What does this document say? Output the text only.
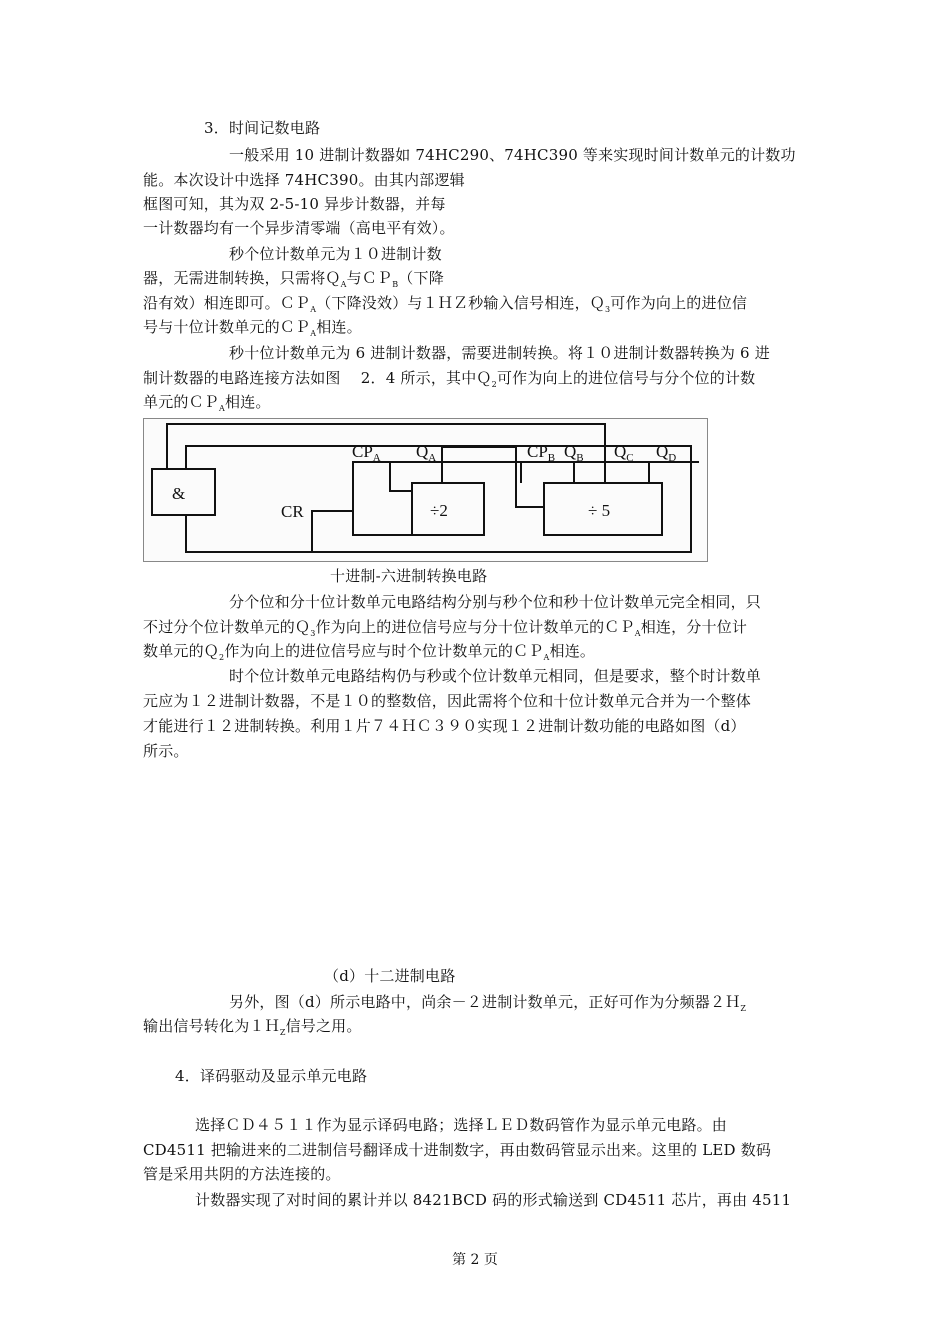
3．时间记数电路
一般采用 10 进制计数器如 74HC290、74HC390 等来实现时间计数单元的计数功
能。本次设计中选择 74HC390。由其内部逻辑
框图可知，其为双 2-5-10 异步计数器，并每
一计数器均有一个异步清零端（高电平有效）。
秒个位计数单元为１０进制计数
器，无需进制转换，只需将Ｑ$_A$与ＣＰ$_B$（下降
沿有效）相连即可。ＣＰ$_A$（下降没效）与１ＨＺ秒输入信号相连，Ｑ$_3$可作为向上的进位信
号与十位计数单元的ＣＰ$_A$相连。
秒十位计数单元为 6 进制计数器，需要进制转换。将１０进制计数器转换为 6 进
制计数器的电路连接方法如图　 2．4 所示，其中Ｑ$_2$可作为向上的进位信号与分个位的计数
单元的ＣＰ$_A$相连。
&
CR
$CP_A$ $Q_A$	$CP_B$ $Q_B$ $Q_C$ $Q_D$
÷2	÷ 5
十进制-六进制转换电路
分个位和分十位计数单元电路结构分别与秒个位和秒十位计数单元完全相同，只
不过分个位计数单元的Ｑ$_3$作为向上的进位信号应与分十位计数单元的ＣＰ$_A$相连，分十位计
数单元的Ｑ$_2$作为向上的进位信号应与时个位计数单元的ＣＰ$_A$相连。
时个位计数单元电路结构仍与秒或个位计数单元相同，但是要求，整个时计数单
元应为１２进制计数器，不是１０的整数倍，因此需将个位和十位计数单元合并为一个整体
才能进行１２进制转换。利用１片７４ＨＣ３９０实现１２进制计数功能的电路如图（d）
所示。
（d）十二进制电路
另外，图（d）所示电路中，尚余－２进制计数单元，正好可作为分频器２Ｈ$_Z$
输出信号转化为１Ｈ$_Z$信号之用。
4．译码驱动及显示单元电路
选择ＣＤ４５１１作为显示译码电路；选择ＬＥＤ数码管作为显示单元电路。由
CD4511 把输进来的二进制信号翻译成十进制数字，再由数码管显示出来。这里的 LED 数码
管是采用共阴的方法连接的。
计数器实现了对时间的累计并以 8421BCD 码的形式输送到 CD4511 芯片，再由 4511
第 2 页
